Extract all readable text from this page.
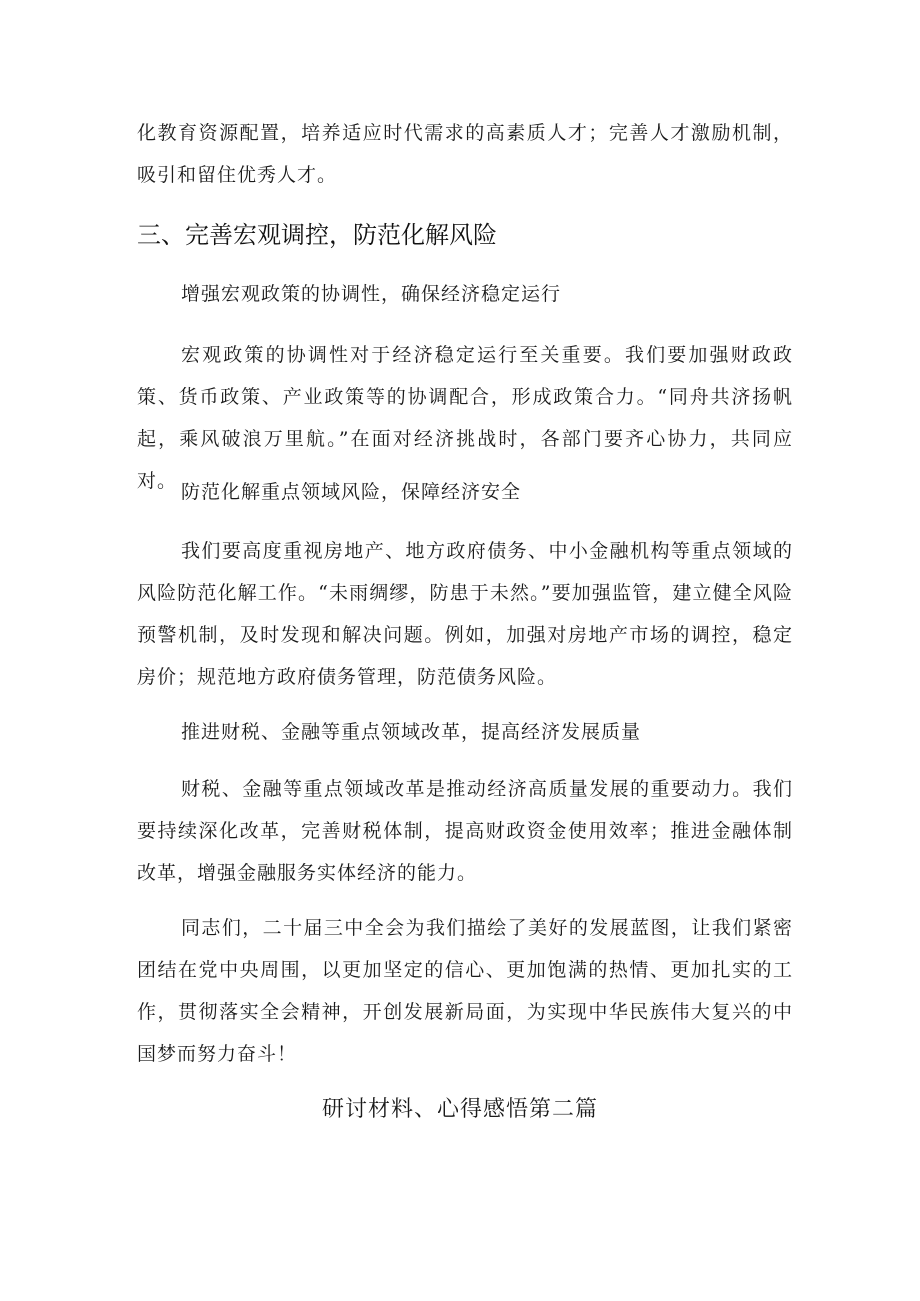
化教育资源配置，培养适应时代需求的高素质人才；完善人才激励机制，吸引和留住优秀人才。

三、完善宏观调控，防范化解风险

增强宏观政策的协调性，确保经济稳定运行

宏观政策的协调性对于经济稳定运行至关重要。我们要加强财政政策、货币政策、产业政策等的协调配合，形成政策合力。“同舟共济扬帆起，乘风破浪万里航。”在面对经济挑战时，各部门要齐心协力，共同应对。 防范化解重点领域风险，保障经济安全

我们要高度重视房地产、地方政府债务、中小金融机构等重点领域的风险防范化解工作。“未雨绸缪，防患于未然。”要加强监管，建立健全风险预警机制，及时发现和解决问题。例如，加强对房地产市场的调控，稳定房价；规范地方政府债务管理，防范债务风险。

推进财税、金融等重点领域改革，提高经济发展质量

财税、金融等重点领域改革是推动经济高质量发展的重要动力。我们要持续深化改革，完善财税体制，提高财政资金使用效率；推进金融体制改革，增强金融服务实体经济的能力。

同志们，二十届三中全会为我们描绘了美好的发展蓝图，让我们紧密团结在党中央周围，以更加坚定的信心、更加饱满的热情、更加扎实的工作，贯彻落实全会精神，开创发展新局面，为实现中华民族伟大复兴的中国梦而努力奋斗！

研讨材料、心得感悟第二篇
